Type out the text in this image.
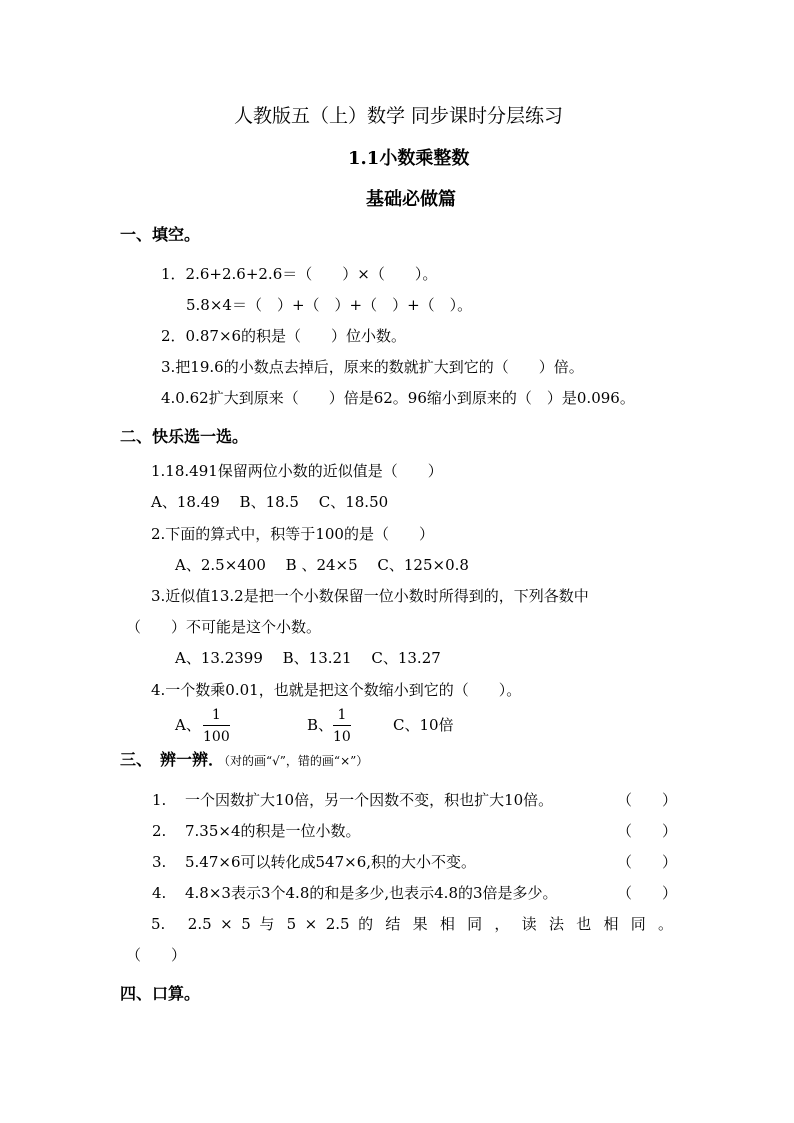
人教版五（上）数学 同步课时分层练习
1.1小数乘整数
基础必做篇
一、填空。
1．2.6+2.6+2.6＝（　　）×（　　）。
5.8×4＝（　）+（　）+（　）+（　）。
2．0.87×6的积是（　　）位小数。
3.把19.6的小数点去掉后，原来的数就扩大到它的（　　）倍。
4.0.62扩大到原来（　　）倍是62。96缩小到原来的（　）是0.096。
二、快乐选一选。
1.18.491保留两位小数的近似值是（　　）
A、18.49　 B、18.5　 C、18.50
2.下面的算式中，积等于100的是（　　）
A、2.5×400　 B 、24×5　 C、125×0.8
3.近似值13.2是把一个小数保留一位小数时所得到的，下列各数中
（　　）不可能是这个小数。
A、13.2399　 B、13.21　 C、13.27
4.一个数乘0.01，也就是把这个数缩小到它的（　　）。
A、 $\frac{1}{100}$	B、 $\frac{1}{10}$	C、10倍
三、　辨一辨．（对的画“√”，错的画“×”）
1. 一个因数扩大10倍，另一个因数不变，积也扩大10倍。	（　　）
2. 7.35×4的积是一位小数。	（　　）
3. 5.47×6可以转化成547×6,积的大小不变。	（　　）
4. 4.8×3表示3个4.8的和是多少,也表示4.8的3倍是多少。	（　　）
5.　2.5 × 5 与 5 × 2.5 的 结 果 相 同 ， 读 法 也 相 同 。
（　　）
四、口算。
